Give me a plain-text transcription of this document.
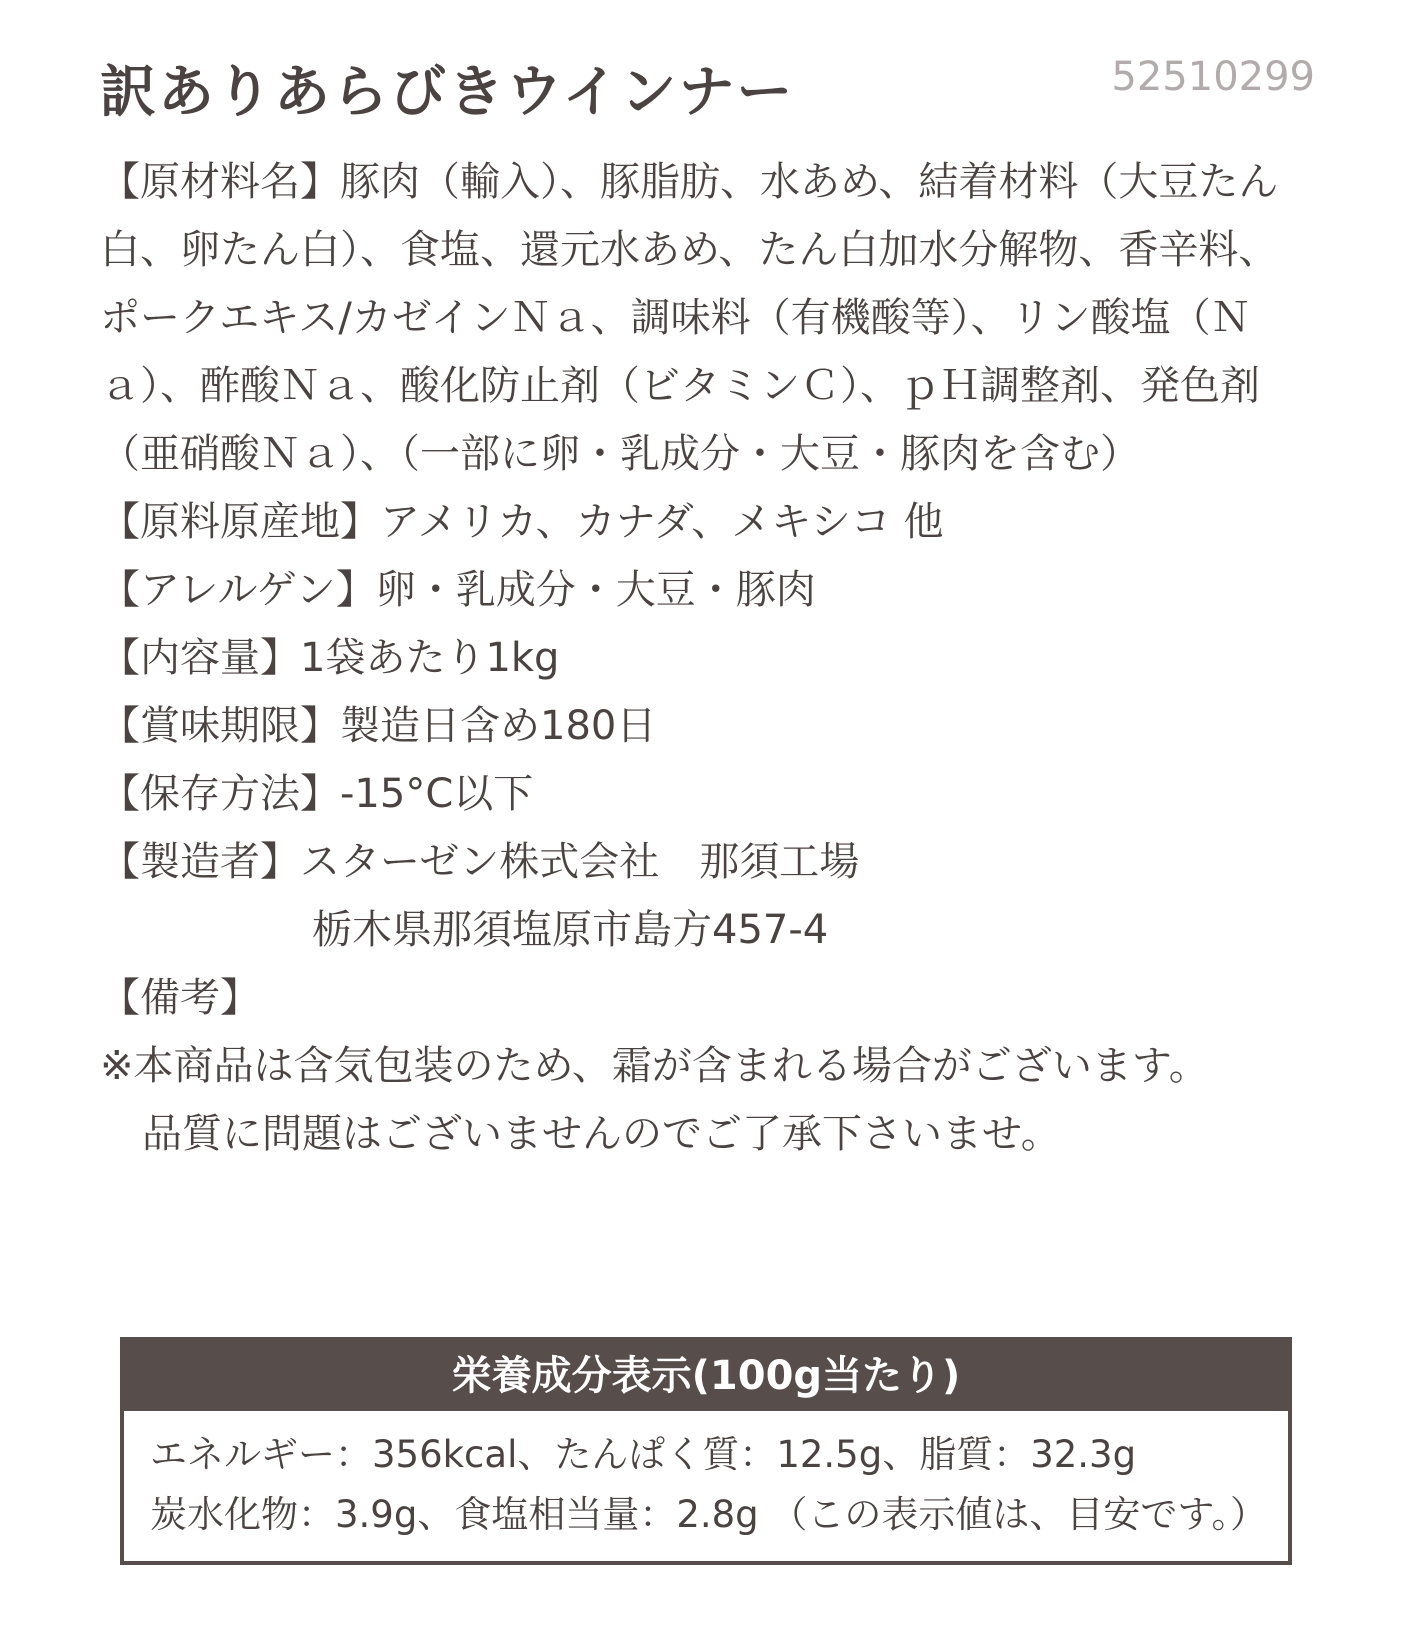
訳ありあらびきウインナー	52510299
【原材料名】豚肉（輸入）、豚脂肪、水あめ、結着材料（大豆たん白、卵たん白）、食塩、還元水あめ、たん白加水分解物、香辛料、ポークエキス/カゼインＮａ、調味料（有機酸等）、リン酸塩（Ｎａ）、酢酸Ｎａ、酸化防止剤（ビタミンＣ）、ｐＨ調整剤、発色剤（亜硝酸Ｎａ）、（一部に卵・乳成分・大豆・豚肉を含む）
【原料原産地】アメリカ、カナダ、メキシコ 他
【アレルゲン】卵・乳成分・大豆・豚肉
【内容量】1袋あたり1kg
【賞味期限】製造日含め180日
【保存方法】-15°C以下
【製造者】スターゼン株式会社　那須工場
栃木県那須塩原市島方457-4
【備考】
※本商品は含気包装のため、霜が含まれる場合がございます。
品質に問題はございませんのでご了承下さいませ。
栄養成分表示(100g当たり)
エネルギー：356kcal、たんぱく質：12.5g、脂質：32.3g
炭水化物：3.9g、食塩相当量：2.8g （この表示値は、目安です。）
